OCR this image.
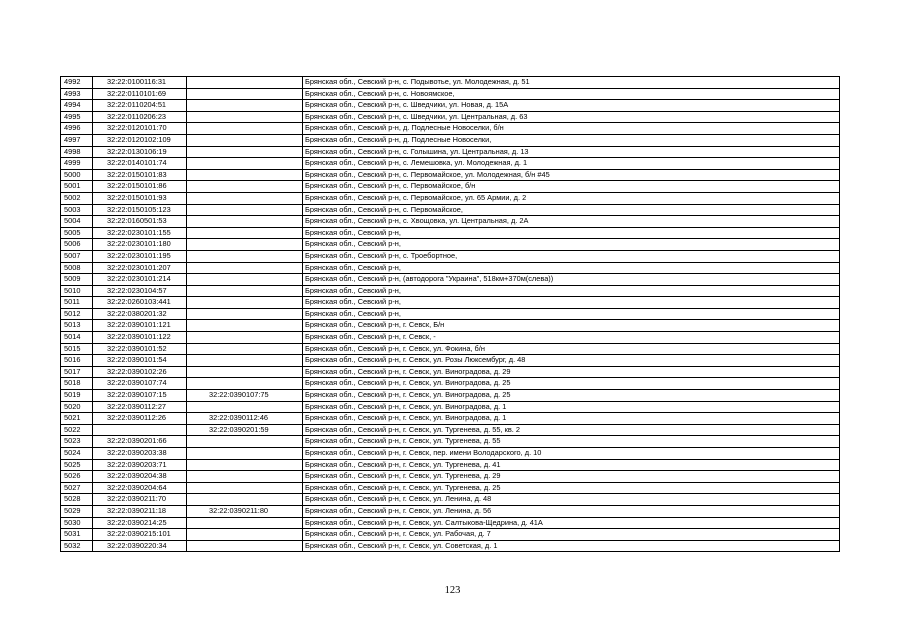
4992	32:22:0100116:31		Брянская обл., Севский р-н, с. Подывотье, ул. Молодежная, д. 51
4993	32:22:0110101:69		Брянская обл., Севский р-н, с. Новоямское,
4994	32:22:0110204:51		Брянская обл., Севский р-н, с. Шведчики, ул. Новая, д. 15А
4995	32:22:0110206:23		Брянская обл., Севский р-н, с. Шведчики, ул. Центральная, д. 63
4996	32:22:0120101:70		Брянская обл., Севский р-н, д. Подлесные Новоселки, б/н
4997	32:22:0120102:109		Брянская обл., Севский р-н, д. Подлесные Новоселки,
4998	32:22:0130106:19		Брянская обл., Севский р-н, с. Голышина, ул. Центральная, д. 13
4999	32:22:0140101:74		Брянская обл., Севский р-н, с. Лемешовка, ул. Молодежная, д. 1
5000	32:22:0150101:83		Брянская обл., Севский р-н, с. Первомайское, ул. Молодежная, б/н #45
5001	32:22:0150101:86		Брянская обл., Севский р-н, с. Первомайское, б/н
5002	32:22:0150101:93		Брянская обл., Севский р-н, с. Первомайское, ул. 65 Армии, д. 2
5003	32:22:0150105:123		Брянская обл., Севский р-н, с. Первомайское,
5004	32:22:0160501:53		Брянская обл., Севский р-н, с. Хвощовка, ул. Центральная, д. 2А
5005	32:22:0230101:155		Брянская обл., Севский р-н,
5006	32:22:0230101:180		Брянская обл., Севский р-н,
5007	32:22:0230101:195		Брянская обл., Севский р-н, с. Троебортное,
5008	32:22:0230101:207		Брянская обл., Севский р-н,
5009	32:22:0230101:214		Брянская обл., Севский р-н, (автодорога "Украина", 518км+370м(слева))
5010	32:22:0230104:57		Брянская обл., Севский р-н,
5011	32:22:0260103:441		Брянская обл., Севский р-н,
5012	32:22:0380201:32		Брянская обл., Севский р-н,
5013	32:22:0390101:121		Брянская обл., Севский р-н, г. Севск, Б/н
5014	32:22:0390101:122		Брянская обл., Севский р-н, г. Севск, -
5015	32:22:0390101:52		Брянская обл., Севский р-н, г. Севск, ул. Фокина, б/н
5016	32:22:0390101:54		Брянская обл., Севский р-н, г. Севск, ул. Розы Люксембург, д. 48
5017	32:22:0390102:26		Брянская обл., Севский р-н, г. Севск, ул. Виноградова, д. 29
5018	32:22:0390107:74		Брянская обл., Севский р-н, г. Севск, ул. Виноградова, д. 25
5019	32:22:0390107:15	32:22:0390107:75	Брянская обл., Севский р-н, г. Севск, ул. Виноградова, д. 25
5020	32:22:0390112:27		Брянская обл., Севский р-н, г. Севск, ул. Виноградова, д. 1
5021	32:22:0390112:26	32:22:0390112:46	Брянская обл., Севский р-н, г. Севск, ул. Виноградова, д. 1
5022		32:22:0390201:59	Брянская обл., Севский р-н, г. Севск, ул. Тургенева, д. 55, кв. 2
5023	32:22:0390201:66		Брянская обл., Севский р-н, г. Севск, ул. Тургенева, д. 55
5024	32:22:0390203:38		Брянская обл., Севский р-н, г. Севск, пер. имени Володарского, д. 10
5025	32:22:0390203:71		Брянская обл., Севский р-н, г. Севск, ул. Тургенева, д. 41
5026	32:22:0390204:38		Брянская обл., Севский р-н, г. Севск, ул. Тургенева, д. 29
5027	32:22:0390204:64		Брянская обл., Севский р-н, г. Севск, ул. Тургенева, д. 25
5028	32:22:0390211:70		Брянская обл., Севский р-н, г. Севск, ул. Ленина, д. 48
5029	32:22:0390211:18	32:22:0390211:80	Брянская обл., Севский р-н, г. Севск, ул. Ленина, д. 56
5030	32:22:0390214:25		Брянская обл., Севский р-н, г. Севск, ул. Салтыкова-Щедрина, д. 41А
5031	32:22:0390215:101		Брянская обл., Севский р-н, г. Севск, ул. Рабочая, д. 7
5032	32:22:0390220:34		Брянская обл., Севский р-н, г. Севск, ул. Советская, д. 1
123
